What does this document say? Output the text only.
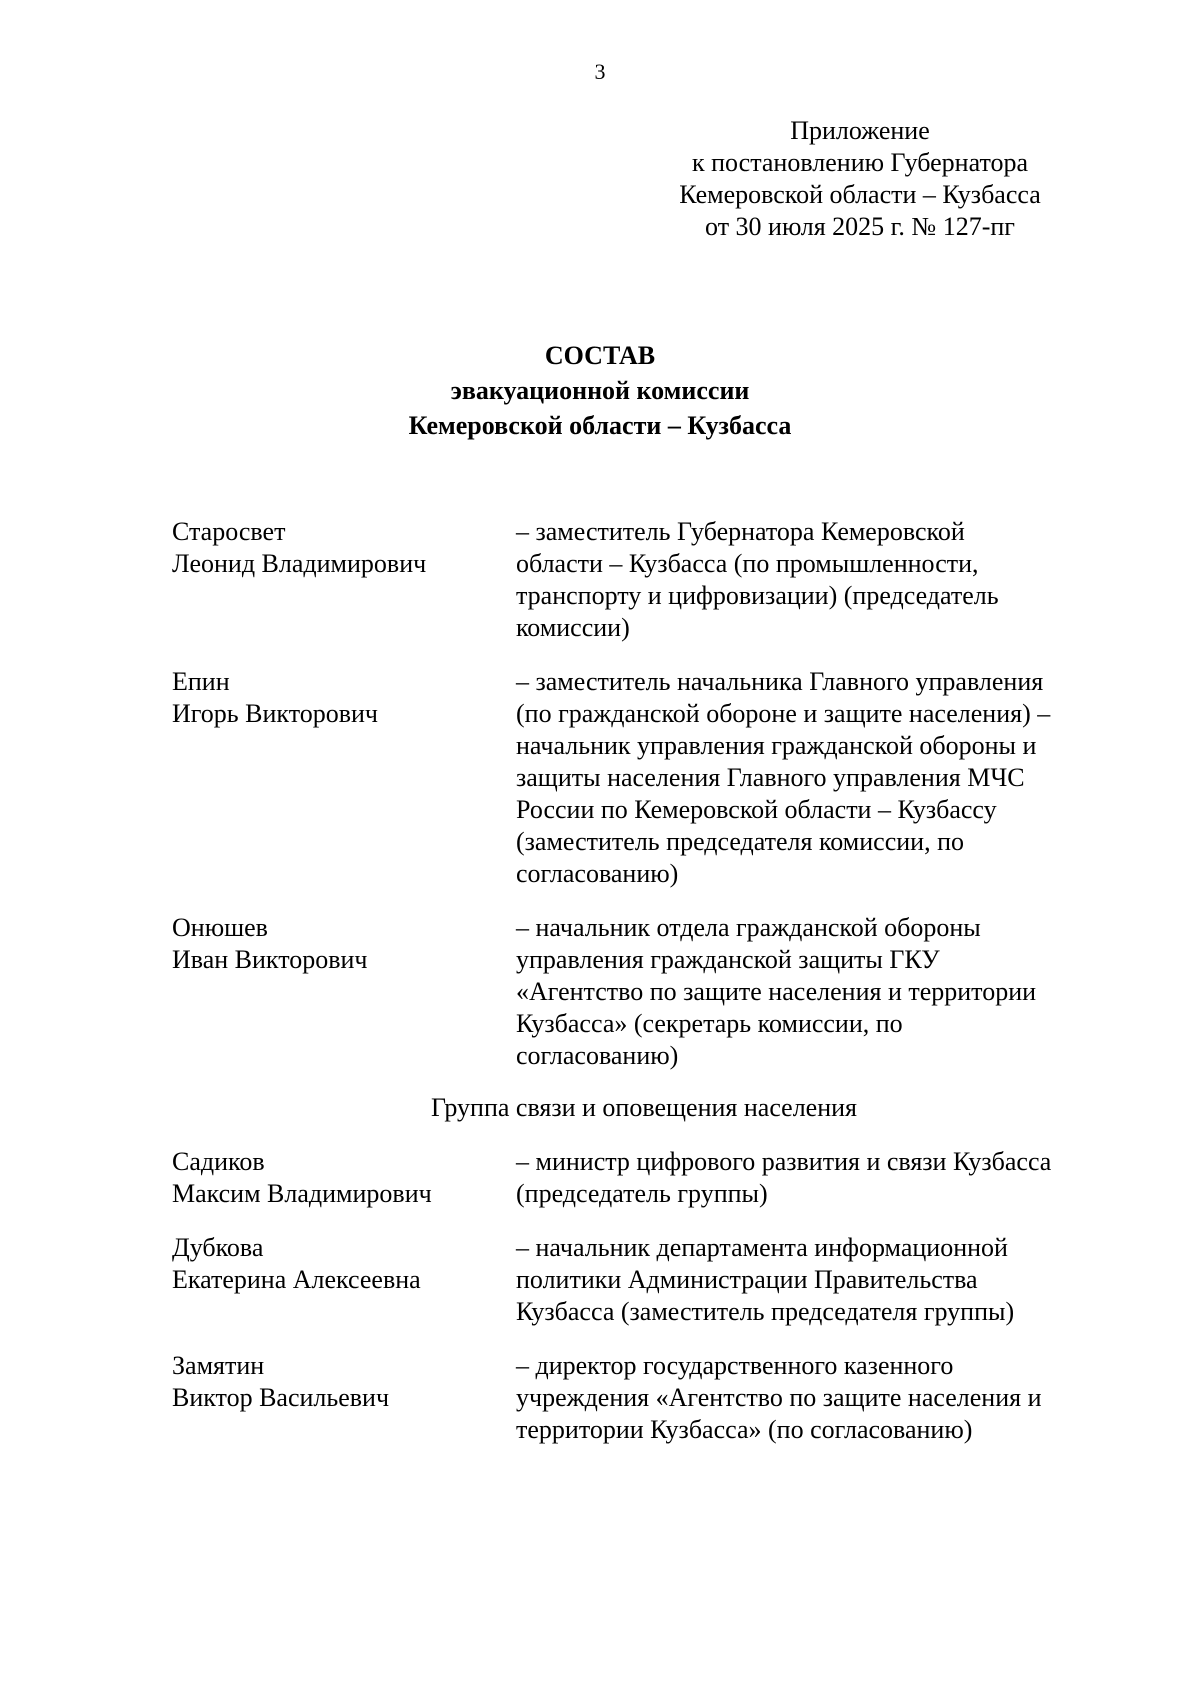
3
Приложение
к постановлению Губернатора
Кемеровской области – Кузбасса
от 30 июля 2025 г. № 127-пг
СОСТАВ
эвакуационной комиссии
Кемеровской области – Кузбасса
Старосвет
Леонид Владимирович
– заместитель Губернатора Кемеровской
области – Кузбасса (по промышленности,
транспорту и цифровизации) (председатель
комиссии)
Епин
Игорь Викторович
– заместитель начальника Главного управления
(по гражданской обороне и защите населения) –
начальник управления гражданской обороны и
защиты населения Главного управления МЧС
России по Кемеровской области – Кузбассу
(заместитель председателя комиссии, по
согласованию)
Онюшев
Иван Викторович
– начальник отдела гражданской обороны
управления гражданской защиты ГКУ
«Агентство по защите населения и территории
Кузбасса» (секретарь комиссии, по
согласованию)
Группа связи и оповещения населения
Садиков
Максим Владимирович
– министр цифрового развития и связи Кузбасса
(председатель группы)
Дубкова
Екатерина Алексеевна
– начальник департамента информационной
политики Администрации Правительства
Кузбасса (заместитель председателя группы)
Замятин
Виктор Васильевич
– директор государственного казенного
учреждения «Агентство по защите населения и
территории Кузбасса» (по согласованию)
